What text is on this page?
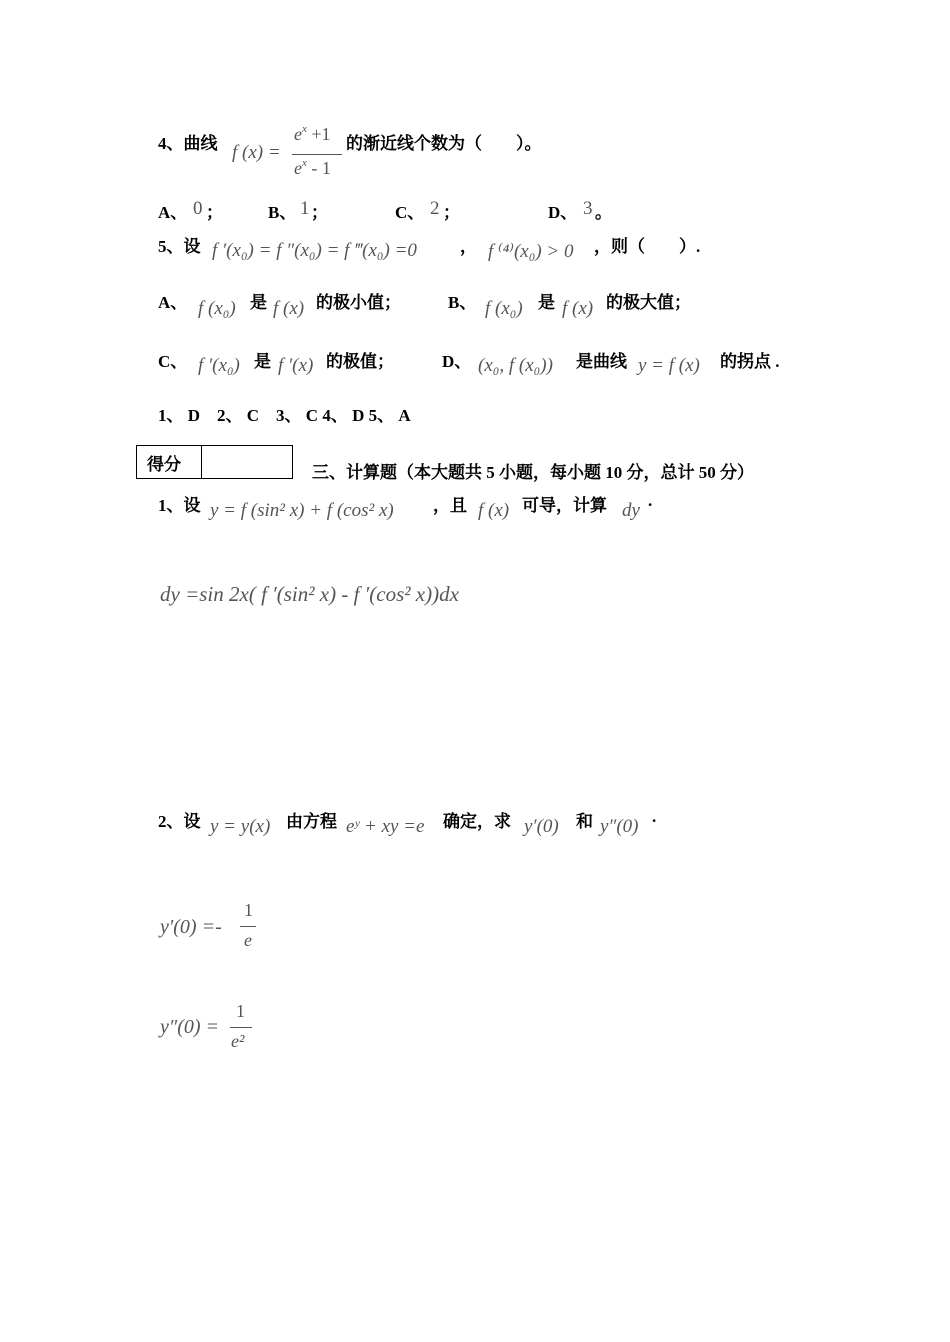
4、曲线 f (x) =
$e^x +1$
$e^x - 1$
的渐近线个数为（　　）。
A、 0 ；	B、 1 ；	C、 2 ；	D、 3 。
5、设 f ′(x₀) = f ″(x₀) = f ‴(x₀) =0	， f ⁽⁴⁾(x₀) > 0 ，则（　　）.
A、 f (x₀) 是 f (x) 的极小值；	B、 f (x₀) 是 f (x) 的极大值；
C、 f ′(x₀) 是 f ′(x) 的极值；	D、 (x₀, f (x₀)) 是曲线 y = f (x) 的拐点 .
1、 D　2、 C　3、 C 4、 D 5、 A
得分		三、计算题（本大题共 5 小题，每小题 10 分，总计 50 分）
1、设 y = f (sin² x) + f (cos² x) ，且 f (x) 可导，计算 dy .
dy =sin 2x( f ′(sin² x) - f ′(cos² x))dx
2、设 y = y(x) 由方程 eʸ + xy =e 确定，求 y′(0) 和 y″(0) .
y′(0) =-
1
e
y″(0) =
1
e²
